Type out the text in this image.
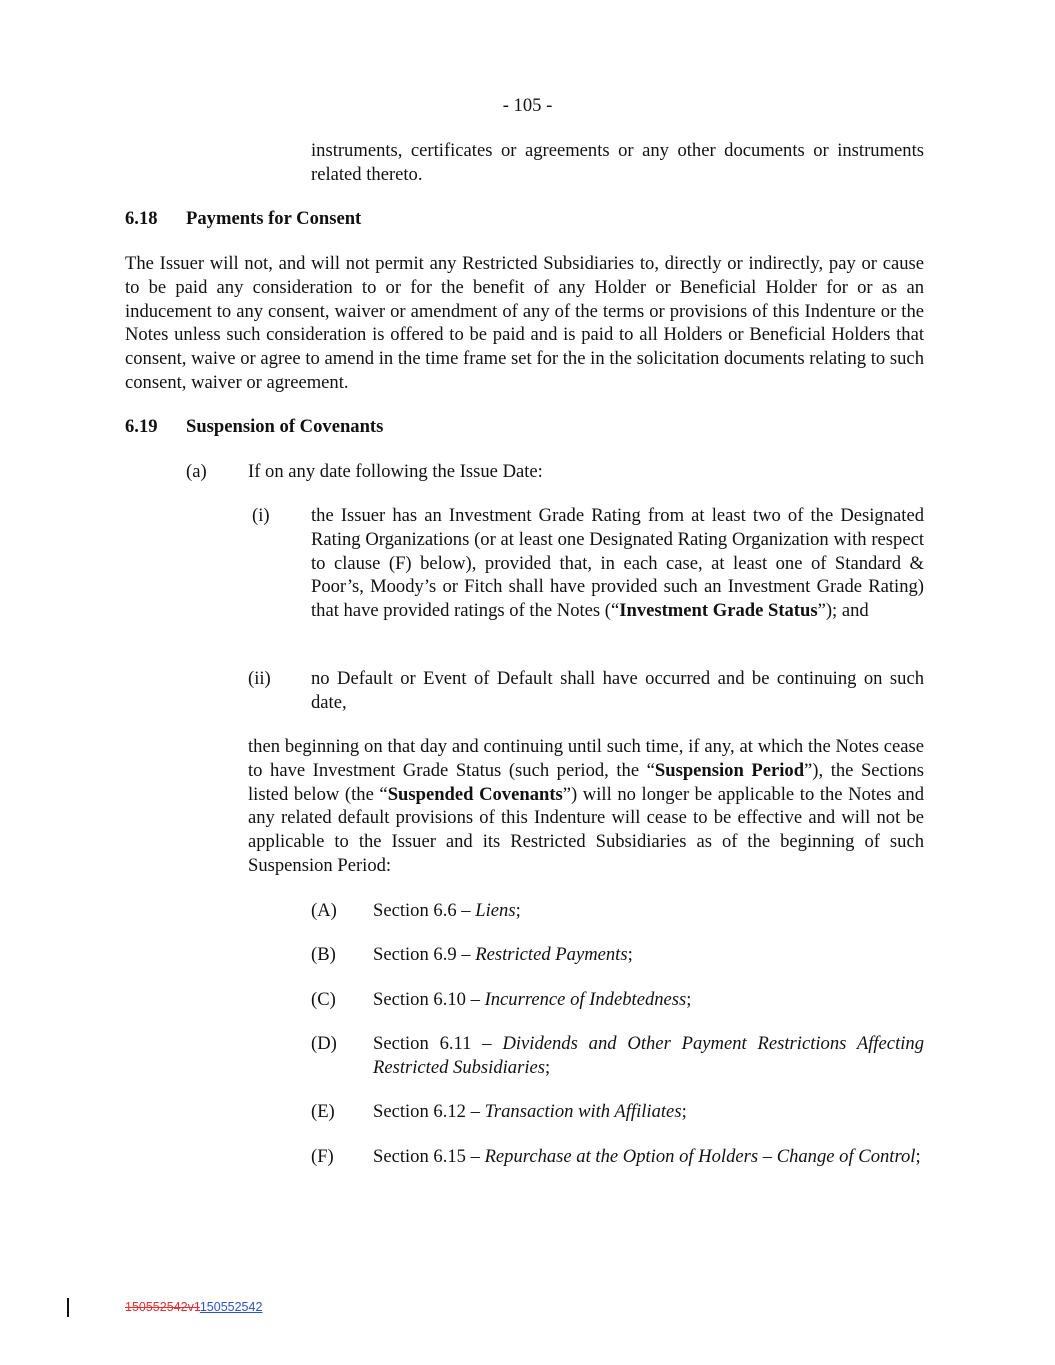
- 105 -
instruments, certificates or agreements or any other documents or instruments related thereto.
6.18 Payments for Consent
The Issuer will not, and will not permit any Restricted Subsidiaries to, directly or indirectly, pay or cause to be paid any consideration to or for the benefit of any Holder or Beneficial Holder for or as an inducement to any consent, waiver or amendment of any of the terms or provisions of this Indenture or the Notes unless such consideration is offered to be paid and is paid to all Holders or Beneficial Holders that consent, waive or agree to amend in the time frame set for the in the solicitation documents relating to such consent, waiver or agreement.
6.19 Suspension of Covenants
(a) If on any date following the Issue Date:
(i) the Issuer has an Investment Grade Rating from at least two of the Designated Rating Organizations (or at least one Designated Rating Organization with respect to clause (F) below), provided that, in each case, at least one of Standard & Poor’s, Moody’s or Fitch shall have provided such an Investment Grade Rating) that have provided ratings of the Notes (“Investment Grade Status”); and
(ii) no Default or Event of Default shall have occurred and be continuing on such date,
then beginning on that day and continuing until such time, if any, at which the Notes cease to have Investment Grade Status (such period, the “Suspension Period”), the Sections listed below (the “Suspended Covenants”) will no longer be applicable to the Notes and any related default provisions of this Indenture will cease to be effective and will not be applicable to the Issuer and its Restricted Subsidiaries as of the beginning of such Suspension Period:
(A) Section 6.6 – Liens;
(B) Section 6.9 – Restricted Payments;
(C) Section 6.10 – Incurrence of Indebtedness;
(D) Section 6.11 – Dividends and Other Payment Restrictions Affecting Restricted Subsidiaries;
(E) Section 6.12 – Transaction with Affiliates;
(F) Section 6.15 – Repurchase at the Option of Holders – Change of Control;
150552542v1150552542
